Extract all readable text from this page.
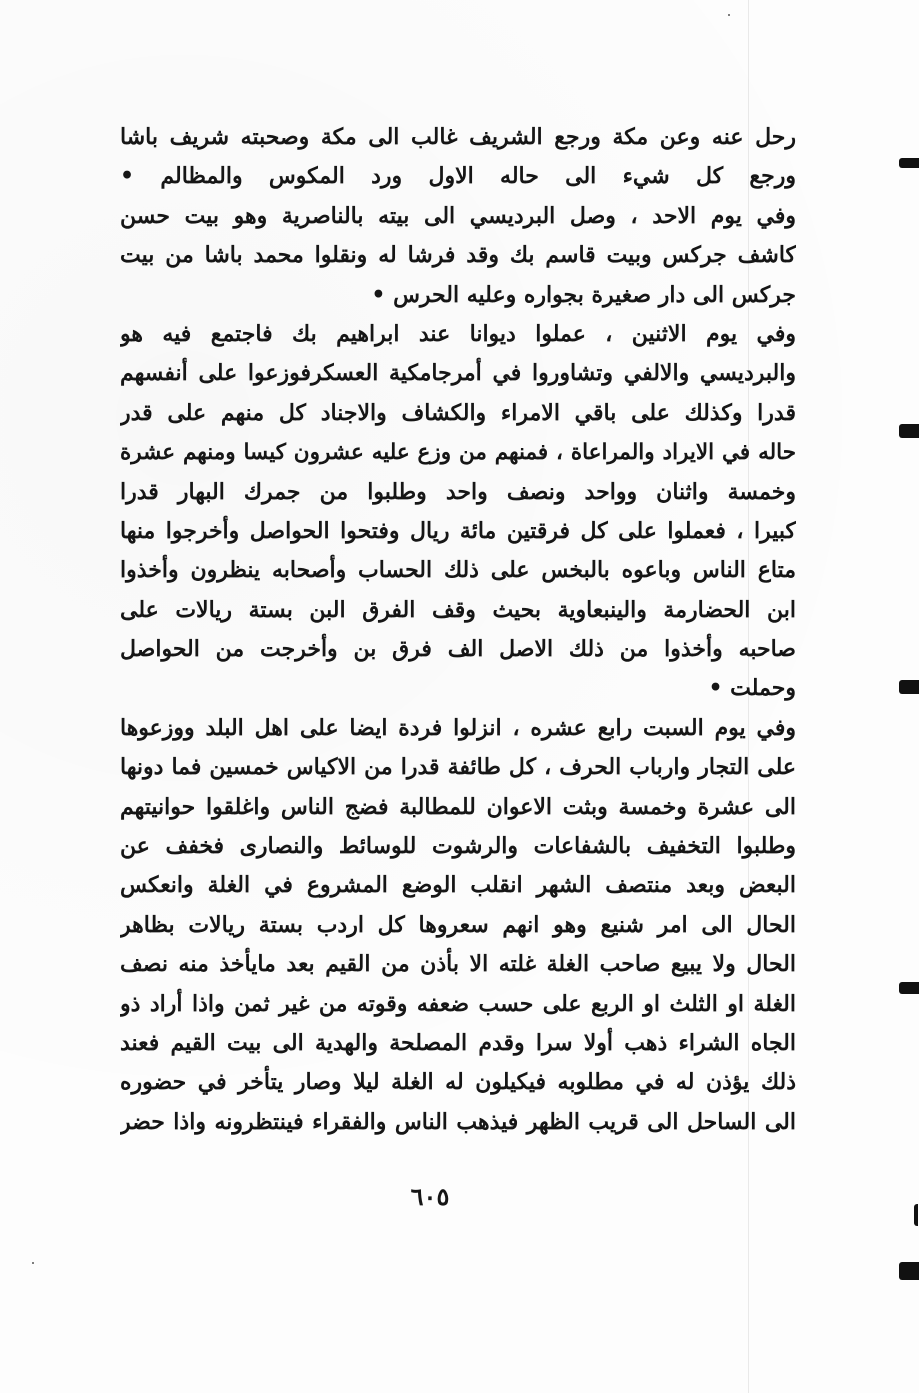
رحل عنه وعن مكة ورجع الشريف غالب الى مكة وصحبته شريف باشا
ورجع كل شيء الى حاله الاول ورد المكوس والمظالم •
وفي يوم الاحد ، وصل البرديسي الى بيته بالناصرية وهو بيت حسن
كاشف جركس وبيت قاسم بك وقد فرشا له ونقلوا محمد باشا من بيت
جركس الى دار صغيرة بجواره وعليه الحرس •
وفي يوم الاثنين ، عملوا ديوانا عند ابراهيم بك فاجتمع فيه هو
والبرديسي والالفي وتشاوروا في أمرجامكية العسكرفوزعوا على أنفسهم
قدرا وكذلك على باقي الامراء والكشاف والاجناد كل منهم على قدر
حاله في الايراد والمراعاة ، فمنهم من وزع عليه عشرون كيسا ومنهم عشرة
وخمسة واثنان وواحد ونصف واحد وطلبوا من جمرك البهار قدرا
كبيرا ، فعملوا على كل فرقتين مائة ريال وفتحوا الحواصل وأخرجوا منها
متاع الناس وباعوه بالبخس على ذلك الحساب وأصحابه ينظرون وأخذوا
ابن الحضارمة والينبعاوية بحيث وقف الفرق البن بستة ريالات على
صاحبه وأخذوا من ذلك الاصل الف فرق بن وأخرجت من الحواصل
وحملت •
وفي يوم السبت رابع عشره ، انزلوا فردة ايضا على اهل البلد ووزعوها
على التجار وارباب الحرف ، كل طائفة قدرا من الاكياس خمسين فما دونها
الى عشرة وخمسة وبثت الاعوان للمطالبة فضج الناس واغلقوا حوانيتهم
وطلبوا التخفيف بالشفاعات والرشوت للوسائط والنصارى فخفف عن
البعض وبعد منتصف الشهر انقلب الوضع المشروع في الغلة وانعكس
الحال الى امر شنيع وهو انهم سعروها كل اردب بستة ريالات بظاهر
الحال ولا يبيع صاحب الغلة غلته الا بأذن من القيم بعد مايأخذ منه نصف
الغلة او الثلث او الربع على حسب ضعفه وقوته من غير ثمن واذا أراد ذو
الجاه الشراء ذهب أولا سرا وقدم المصلحة والهدية الى بيت القيم فعند
ذلك يؤذن له في مطلوبه فيكيلون له الغلة ليلا وصار يتأخر في حضوره
الى الساحل الى قريب الظهر فيذهب الناس والفقراء فينتظرونه واذا حضر
٦٠٥
